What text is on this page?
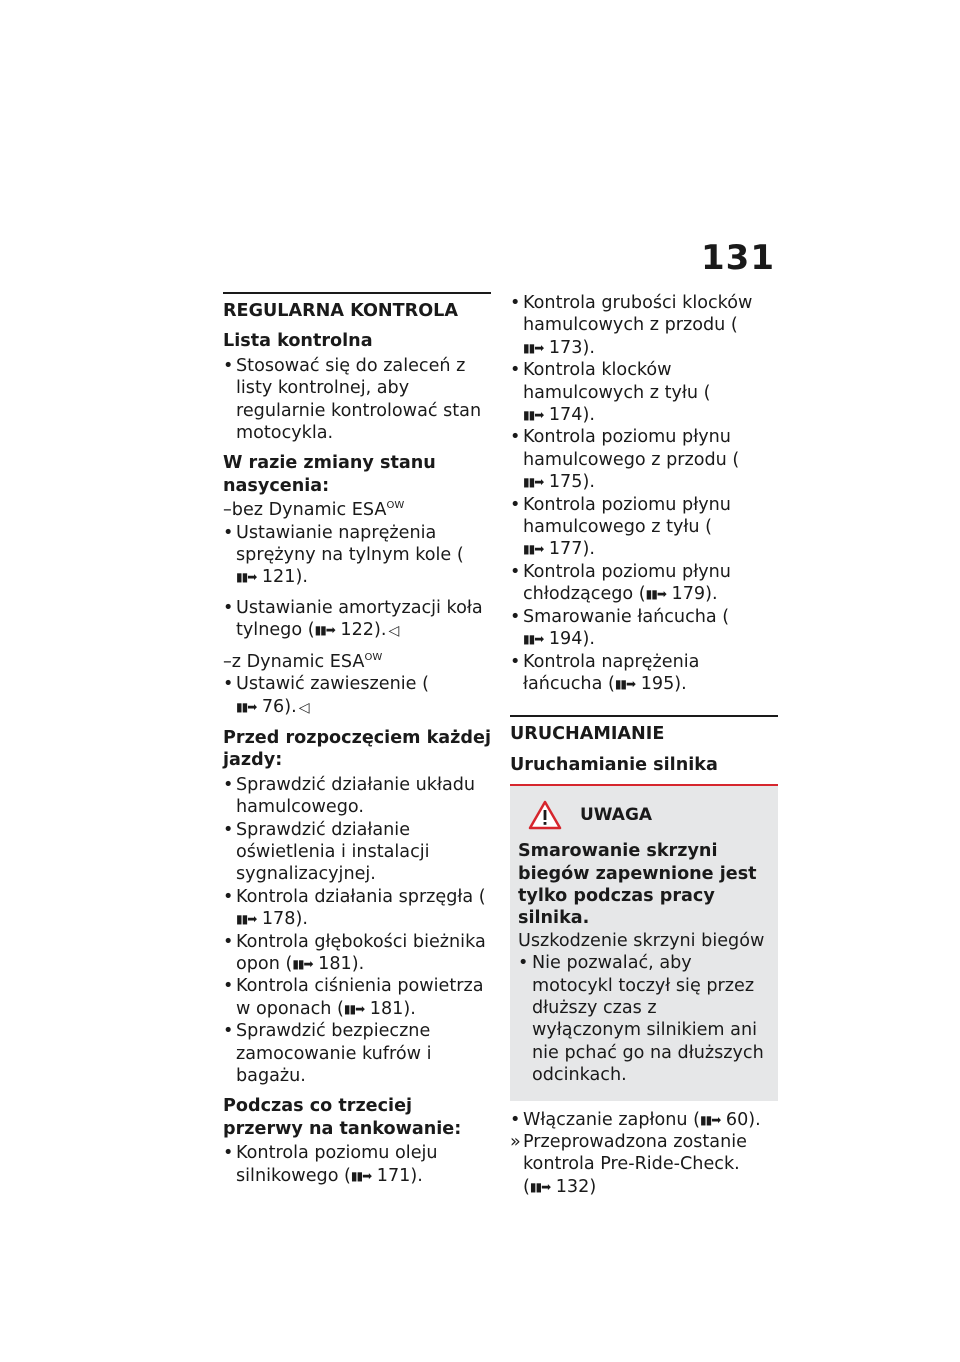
131
REGULARNA KONTROLA

Lista kontrolna

• Stosować się do zaleceń z listy kontrolnej, aby regularnie kontrolować stan motocykla.

W razie zmiany stanu nasycenia:

–bez Dynamic $ESA^{OW}$

• Ustawianie naprężenia sprężyny na tylnym kole (▮▮➡ 121).

• Ustawianie amortyzacji koła tylnego (▮▮➡ 122). ◁

–z Dynamic $ESA^{OW}$

• Ustawić zawieszenie (▮▮➡ 76). ◁

Przed rozpoczęciem każdej jazdy:

• Sprawdzić działanie układu hamulcowego.

• Sprawdzić działanie oświetlenia i instalacji sygnalizacyjnej.

• Kontrola działania sprzęgła (▮▮➡ 178).

• Kontrola głębokości bieżnika opon (▮▮➡ 181).

• Kontrola ciśnienia powietrza w oponach (▮▮➡ 181).

• Sprawdzić bezpieczne zamocowanie kufrów i bagażu.

Podczas co trzeciej przerwy na tankowanie:

• Kontrola poziomu oleju silnikowego (▮▮➡ 171).

• Kontrola grubości klocków hamulcowych z przodu (▮▮➡ 173).

• Kontrola klocków hamulcowych z tyłu (▮▮➡ 174).

• Kontrola poziomu płynu hamulcowego z przodu (▮▮➡ 175).

• Kontrola poziomu płynu hamulcowego z tyłu (▮▮➡ 177).

• Kontrola poziomu płynu chłodzącego (▮▮➡ 179).

• Smarowanie łańcucha (▮▮➡ 194).

• Kontrola naprężenia łańcucha (▮▮➡ 195).

URUCHAMIANIE

Uruchamianie silnika

UWAGA

Smarowanie skrzyni biegów zapewnione jest tylko podczas pracy silnika.

Uszkodzenie skrzyni biegów

• Nie pozwalać, aby motocykl toczył się przez dłuższy czas z wyłączonym silnikiem ani nie pchać go na dłuższych odcinkach.

• Włączanie zapłonu (▮▮➡ 60).

» Przeprowadzona zostanie kontrola Pre-Ride-Check.
(▮▮➡ 132)
